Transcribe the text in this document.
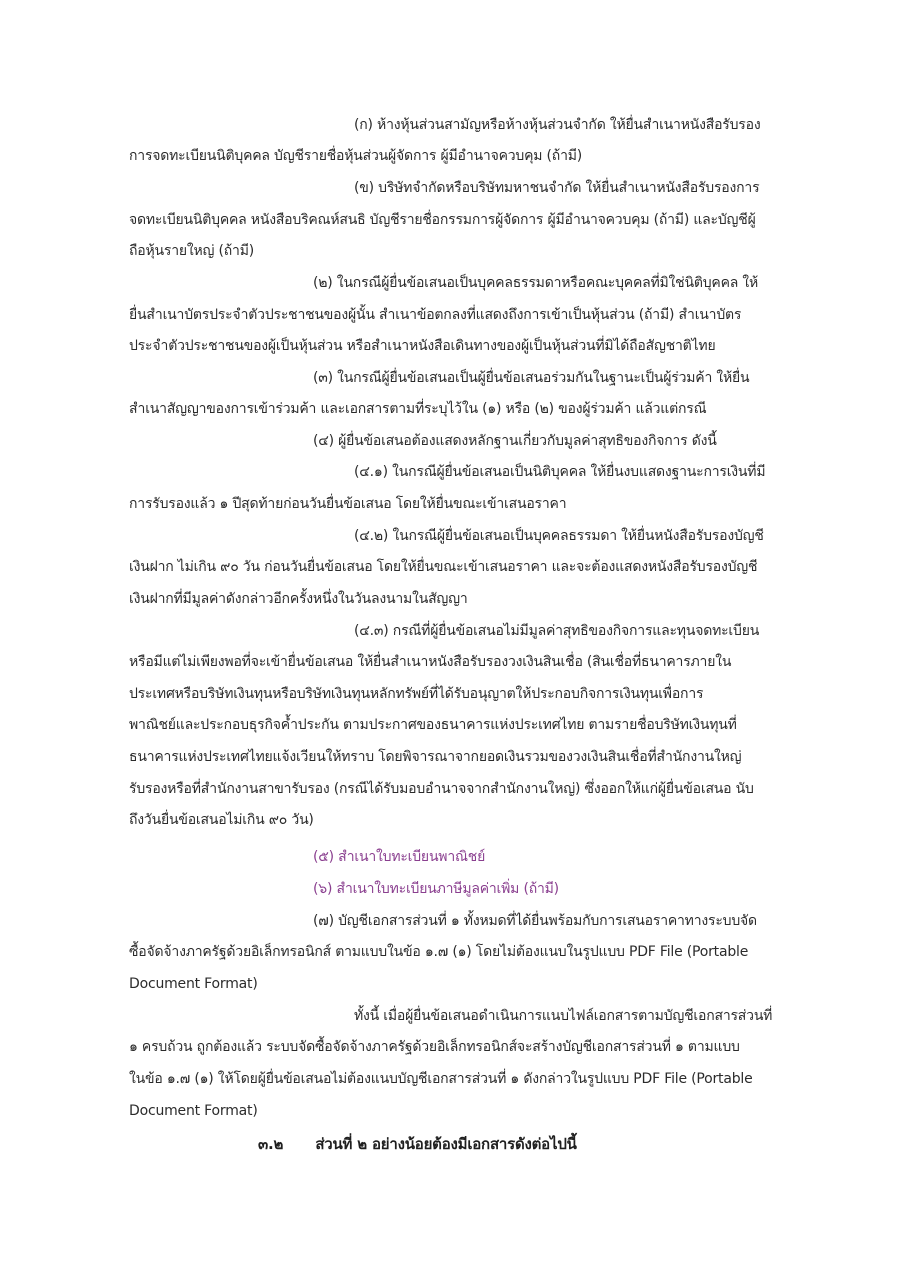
(ก) ห้างหุ้นส่วนสามัญหรือห้างหุ้นส่วนจำกัด ให้ยื่นสำเนาหนังสือรับรอง
การจดทะเบียนนิติบุคคล บัญชีรายชื่อหุ้นส่วนผู้จัดการ ผู้มีอำนาจควบคุม (ถ้ามี)
(ข) บริษัทจำกัดหรือบริษัทมหาชนจำกัด ให้ยื่นสำเนาหนังสือรับรองการ
จดทะเบียนนิติบุคคล หนังสือบริคณห์สนธิ บัญชีรายชื่อกรรมการผู้จัดการ ผู้มีอำนาจควบคุม (ถ้ามี) และบัญชีผู้
ถือหุ้นรายใหญ่ (ถ้ามี)
(๒) ในกรณีผู้ยื่นข้อเสนอเป็นบุคคลธรรมดาหรือคณะบุคคลที่มิใช่นิติบุคคล ให้
ยื่นสำเนาบัตรประจำตัวประชาชนของผู้นั้น สำเนาข้อตกลงที่แสดงถึงการเข้าเป็นหุ้นส่วน (ถ้ามี) สำเนาบัตร
ประจำตัวประชาชนของผู้เป็นหุ้นส่วน หรือสำเนาหนังสือเดินทางของผู้เป็นหุ้นส่วนที่มิได้ถือสัญชาติไทย
(๓) ในกรณีผู้ยื่นข้อเสนอเป็นผู้ยื่นข้อเสนอร่วมกันในฐานะเป็นผู้ร่วมค้า ให้ยื่น
สำเนาสัญญาของการเข้าร่วมค้า และเอกสารตามที่ระบุไว้ใน (๑) หรือ (๒) ของผู้ร่วมค้า แล้วแต่กรณี
(๔) ผู้ยื่นข้อเสนอต้องแสดงหลักฐานเกี่ยวกับมูลค่าสุทธิของกิจการ ดังนี้
(๔.๑) ในกรณีผู้ยื่นข้อเสนอเป็นนิติบุคคล ให้ยื่นงบแสดงฐานะการเงินที่มี
การรับรองแล้ว ๑ ปีสุดท้ายก่อนวันยื่นข้อเสนอ โดยให้ยื่นขณะเข้าเสนอราคา
(๔.๒) ในกรณีผู้ยื่นข้อเสนอเป็นบุคคลธรรมดา ให้ยื่นหนังสือรับรองบัญชี
เงินฝาก ไม่เกิน ๙๐ วัน ก่อนวันยื่นข้อเสนอ โดยให้ยื่นขณะเข้าเสนอราคา และจะต้องแสดงหนังสือรับรองบัญชี
เงินฝากที่มีมูลค่าดังกล่าวอีกครั้งหนึ่งในวันลงนามในสัญญา
(๔.๓) กรณีที่ผู้ยื่นข้อเสนอไม่มีมูลค่าสุทธิของกิจการและทุนจดทะเบียน
หรือมีแต่ไม่เพียงพอที่จะเข้ายื่นข้อเสนอ ให้ยื่นสำเนาหนังสือรับรองวงเงินสินเชื่อ (สินเชื่อที่ธนาคารภายใน
ประเทศหรือบริษัทเงินทุนหรือบริษัทเงินทุนหลักทรัพย์ที่ได้รับอนุญาตให้ประกอบกิจการเงินทุนเพื่อการ
พาณิชย์และประกอบธุรกิจค้ำประกัน ตามประกาศของธนาคารแห่งประเทศไทย ตามรายชื่อบริษัทเงินทุนที่
ธนาคารแห่งประเทศไทยแจ้งเวียนให้ทราบ โดยพิจารณาจากยอดเงินรวมของวงเงินสินเชื่อที่สำนักงานใหญ่
รับรองหรือที่สำนักงานสาขารับรอง (กรณีได้รับมอบอำนาจจากสำนักงานใหญ่) ซึ่งออกให้แก่ผู้ยื่นข้อเสนอ นับ
ถึงวันยื่นข้อเสนอไม่เกิน ๙๐ วัน)
(๕) สำเนาใบทะเบียนพาณิชย์
(๖) สำเนาใบทะเบียนภาษีมูลค่าเพิ่ม (ถ้ามี)
(๗) บัญชีเอกสารส่วนที่ ๑ ทั้งหมดที่ได้ยื่นพร้อมกับการเสนอราคาทางระบบจัด
ซื้อจัดจ้างภาครัฐด้วยอิเล็กทรอนิกส์ ตามแบบในข้อ ๑.๗ (๑) โดยไม่ต้องแนบในรูปแบบ PDF File (Portable
Document Format)
ทั้งนี้ เมื่อผู้ยื่นข้อเสนอดำเนินการแนบไฟล์เอกสารตามบัญชีเอกสารส่วนที่
๑ ครบถ้วน ถูกต้องแล้ว ระบบจัดซื้อจัดจ้างภาครัฐด้วยอิเล็กทรอนิกส์จะสร้างบัญชีเอกสารส่วนที่ ๑ ตามแบบ
ในข้อ ๑.๗ (๑) ให้โดยผู้ยื่นข้อเสนอไม่ต้องแนบบัญชีเอกสารส่วนที่ ๑ ดังกล่าวในรูปแบบ PDF File (Portable
Document Format)
๓.๒ ส่วนที่ ๒ อย่างน้อยต้องมีเอกสารดังต่อไปนี้
